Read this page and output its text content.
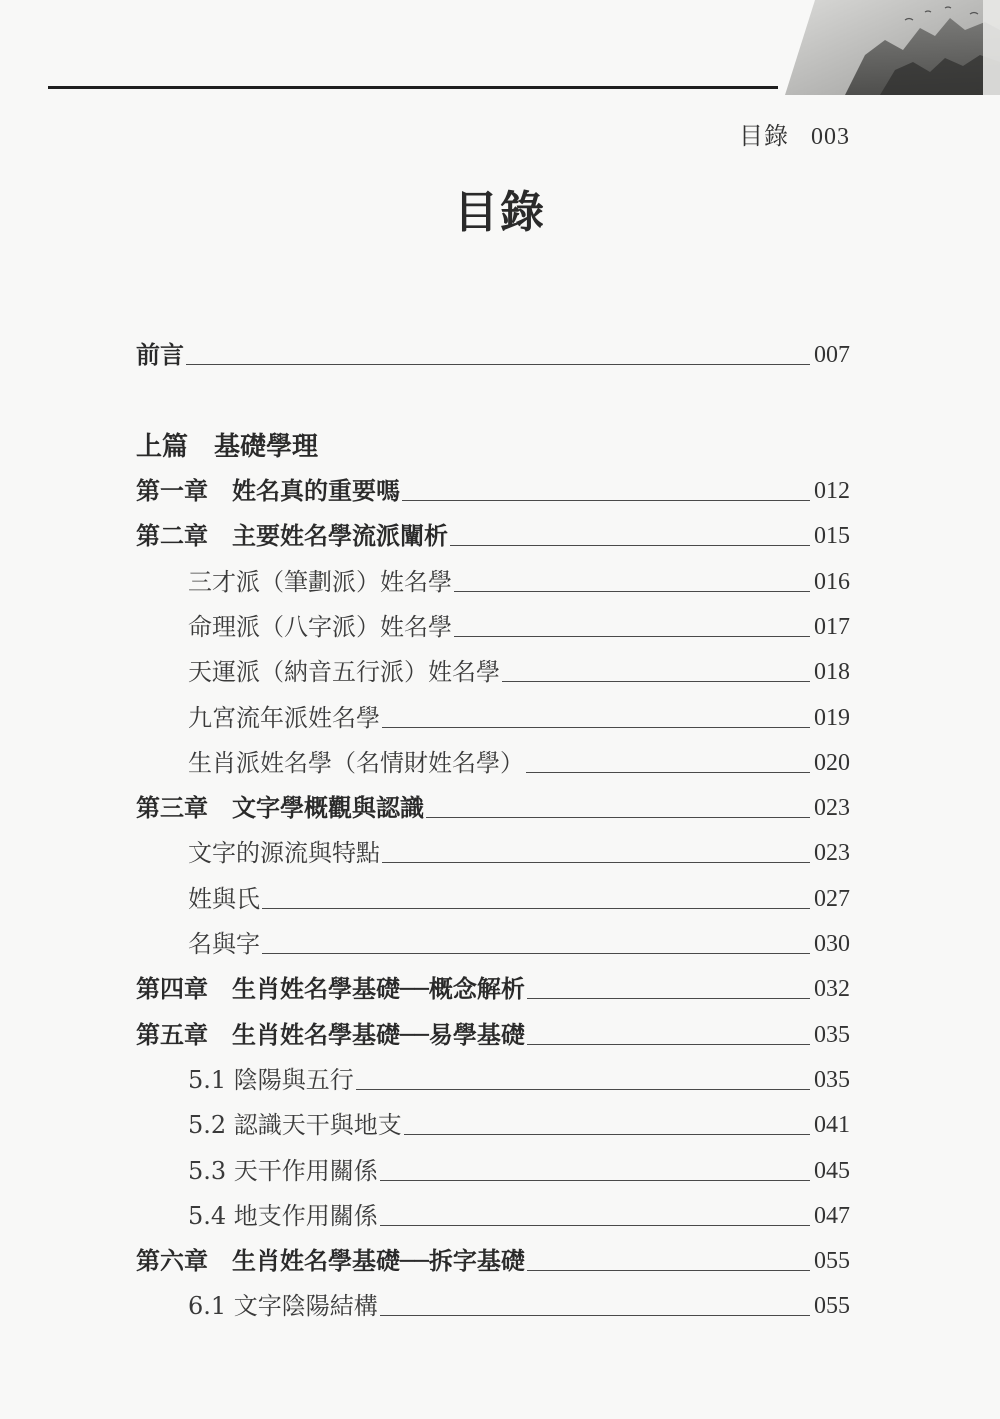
目錄 003
目錄
前言	007
上篇　基礎學理
第一章　姓名真的重要嗎	012
第二章　主要姓名學流派闡析	015
三才派（筆劃派）姓名學	016
命理派（八字派）姓名學	017
天運派（納音五行派）姓名學	018
九宮流年派姓名學	019
生肖派姓名學（名情財姓名學）	020
第三章　文字學概觀與認識	023
文字的源流與特點	023
姓與氏	027
名與字	030
第四章　生肖姓名學基礎──概念解析	032
第五章　生肖姓名學基礎──易學基礎	035
5.1 陰陽與五行	035
5.2 認識天干與地支	041
5.3 天干作用關係	045
5.4 地支作用關係	047
第六章　生肖姓名學基礎──拆字基礎	055
6.1 文字陰陽結構	055
